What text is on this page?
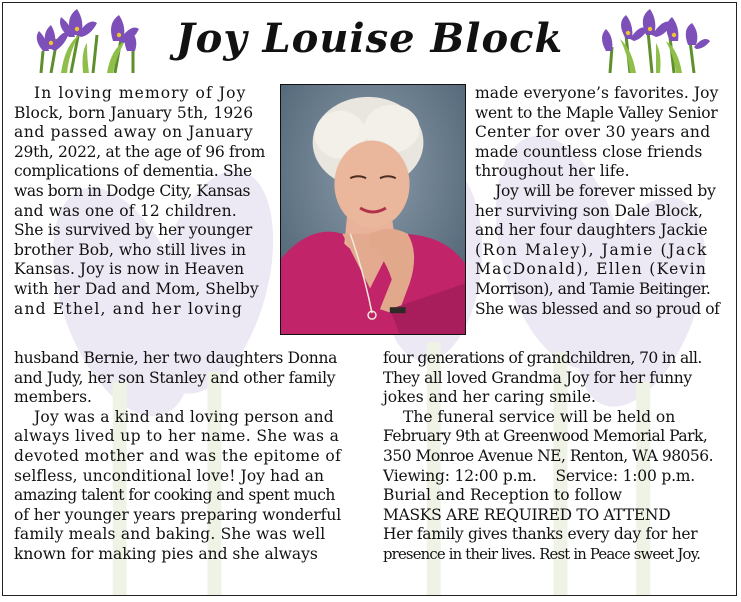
Joy Louise Block
In loving memory of Joy
Block, born January 5th, 1926
and passed away on January
29th, 2022, at the age of 96 from
complications of dementia. She
was born in Dodge City, Kansas
and was one of 12 children.
She is survived by her younger
brother Bob, who still lives in
Kansas. Joy is now in Heaven
with her Dad and Mom, Shelby
and Ethel, and her loving
made everyone’s favorites. Joy
went to the Maple Valley Senior
Center for over 30 years and
made countless close friends
throughout her life.
Joy will be forever missed by
her surviving son Dale Block,
and her four daughters Jackie
(Ron Maley), Jamie (Jack
MacDonald), Ellen (Kevin
Morrison), and Tamie Beitinger.
She was blessed and so proud of
husband Bernie, her two daughters Donna
and Judy, her son Stanley and other family
members.
Joy was a kind and loving person and
always lived up to her name. She was a
devoted mother and was the epitome of
selfless, unconditional love! Joy had an
amazing talent for cooking and spent much
of her younger years preparing wonderful
family meals and baking. She was well
known for making pies and she always
four generations of grandchildren, 70 in all.
They all loved Grandma Joy for her funny
jokes and her caring smile.
The funeral service will be held on
February 9th at Greenwood Memorial Park,
350 Monroe Avenue NE, Renton, WA 98056.
Viewing: 12:00 p.m.    Service: 1:00 p.m.
Burial and Reception to follow
MASKS ARE REQUIRED TO ATTEND
Her family gives thanks every day for her
presence in their lives. Rest in Peace sweet Joy.
